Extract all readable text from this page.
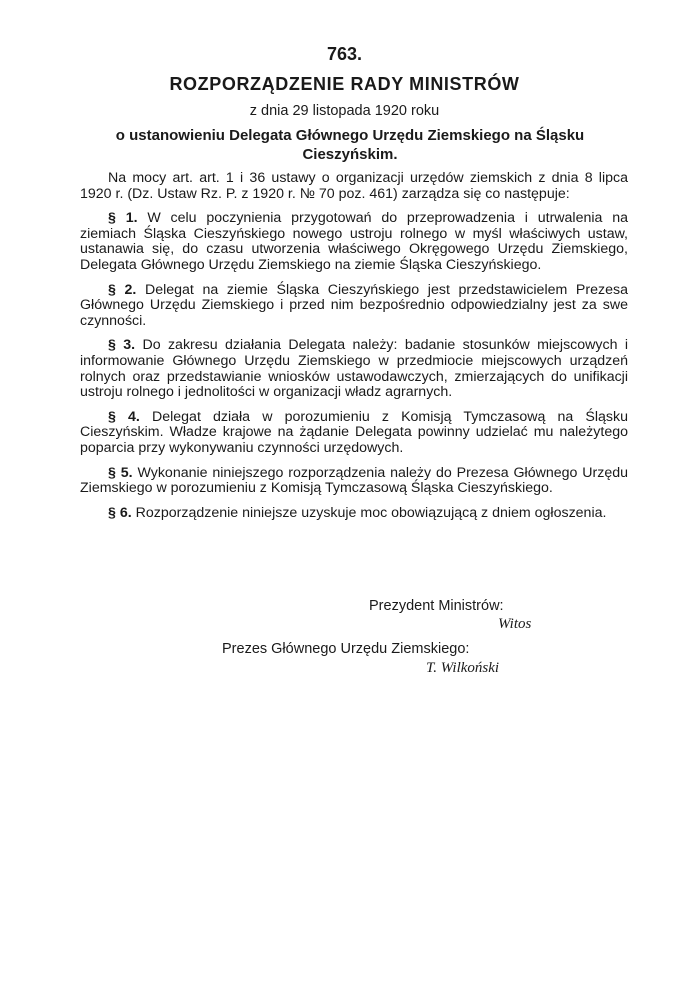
763.
ROZPORZĄDZENIE RADY MINISTRÓW
z dnia 29 listopada 1920 roku
o ustanowieniu Delegata Głównego Urzędu Ziemskiego na Śląsku Cieszyńskim.

Na mocy art. art. 1 i 36 ustawy o organizacji urzędów ziemskich z dnia 8 lipca 1920 r. (Dz. Ustaw Rz. P. z 1920 r. № 70 poz. 461) zarządza się co następuje:

§ 1. W celu poczynienia przygotowań do przeprowadzenia i utrwalenia na ziemiach Śląska Cieszyńskiego nowego ustroju rolnego w myśl właściwych ustaw, ustanawia się, do czasu utworzenia właściwego Okręgowego Urzędu Ziemskiego, Delegata Głównego Urzędu Ziemskiego na ziemie Śląska Cieszyńskiego.

§ 2. Delegat na ziemie Śląska Cieszyńskiego jest przedstawicielem Prezesa Głównego Urzędu Ziemskiego i przed nim bezpośrednio odpowiedzialny jest za swe czynności.

§ 3. Do zakresu działania Delegata należy: badanie stosunków miejscowych i informowanie Głównego Urzędu Ziemskiego w przedmiocie miejscowych urządzeń rolnych oraz przedstawianie wniosków ustawodawczych, zmierzających do unifikacji ustroju rolnego i jednolitości w organizacji władz agrarnych.

§ 4. Delegat działa w porozumieniu z Komisją Tymczasową na Śląsku Cieszyńskim. Władze krajowe na żądanie Delegata powinny udzielać mu należytego poparcia przy wykonywaniu czynności urzędowych.

§ 5. Wykonanie niniejszego rozporządzenia należy do Prezesa Głównego Urzędu Ziemskiego w porozumieniu z Komisją Tymczasową Śląska Cieszyńskiego.

§ 6. Rozporządzenie niniejsze uzyskuje moc obowiązującą z dniem ogłoszenia.

Prezydent Ministrów:
Witos
Prezes Głównego Urzędu Ziemskiego:
T. Wilkoński
